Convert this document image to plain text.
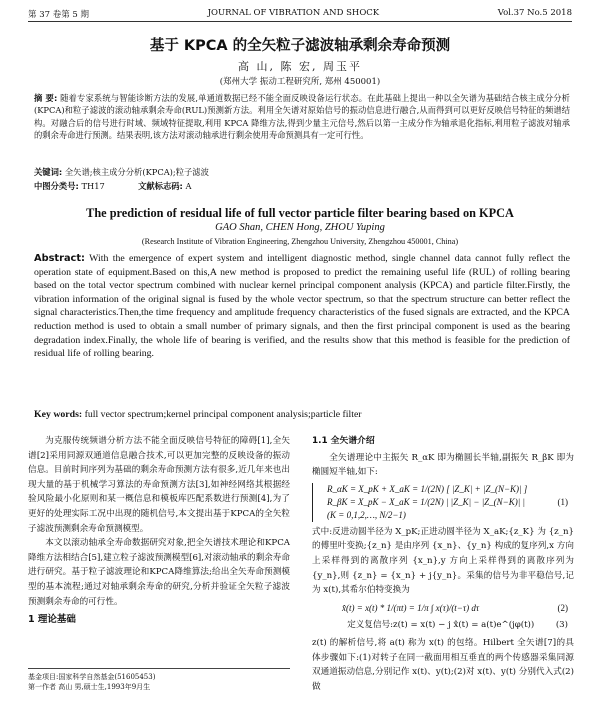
第 37 卷第 5 期	JOURNAL OF VIBRATION AND SHOCK	Vol.37 No.5 2018
基于 KPCA 的全矢粒子滤波轴承剩余寿命预测
高 山, 陈 宏, 周玉平
(郑州大学 振动工程研究所, 郑州 450001)
摘 要: 随着专家系统与智能诊断方法的发展,单通道数据已经不能全面反映设备运行状态。在此基础上提出一种以全矢谱为基础结合核主成分分析(KPCA)和粒子滤波的滚动轴承剩余寿命(RUL)预测新方法。利用全矢谱对原始信号的振动信息进行融合,从而得到可以更好反映信号特征的频谱结构。对融合后的信号进行时域、频域特征提取,利用 KPCA 降维方法,得到少量主元信号,然后以第一主成分作为轴承退化指标,利用粒子滤波对轴承的剩余寿命进行预测。结果表明,该方法对滚动轴承进行剩余使用寿命预测具有一定可行性。
关键词: 全矢谱;核主成分分析(KPCA);粒子滤波
中图分类号: TH17	文献标志码: A
The prediction of residual life of full vector particle filter bearing based on KPCA
GAO Shan, CHEN Hong, ZHOU Yuping
(Research Institute of Vibration Engineering, Zhengzhou University, Zhengzhou 450001, China)
Abstract: With the emergence of expert system and intelligent diagnostic method, single channel data cannot fully reflect the operation state of equipment.Based on this,A new method is proposed to predict the remaining useful life (RUL) of rolling bearing based on the total vector spectrum combined with nuclear kernel principal component analysis (KPCA) and particle filter.Firstly, the vibration information of the original signal is fused by the whole vector spectrum, so that the spectrum structure can better reflect the signal characteristics.Then,the time frequency and amplitude frequency characteristics of the fused signals are extracted, and the KPCA reduction method is used to obtain a small number of primary signals, and then the first principal component is used as the bearing degradation index.Finally, the whole life of bearing is verified, and the results show that this method is feasible for the prediction of residual life of rolling bearing.
Key words: full vector spectrum;kernel principal component analysis;particle filter

为克服传统频谱分析方法不能全面反映信号特征的障碍[1],全矢谱[2]采用同源双通道信息融合技术,可以更加完整的反映设备的振动信息。目前时间序列为基础的剩余寿命预测方法有很多,近几年来也出现大量的基于机械学习算法的寿命预测方法[3],如神经网络其根据经验风险最小化原则和某一概信息和模板库匹配系数进行预测[4],为了更好的处理实际工况中出现的随机信号,本文提出基于KPCA的全矢粒子滤波预测剩余寿命预测模型。

本文以滚动轴承全寿命数据研究对象,把全矢谱技术理论和KPCA降维方法相结合[5],建立粒子滤波预测模型[6],对滚动轴承的剩余寿命进行研究。基于粒子滤波理论和KPCA降维算法;给出全矢寿命预测模型的基本流程;通过对轴承剩余寿命的研究,分析并验证全矢粒子滤波预测剩余寿命的可行性。

1 理论基础

1.1 全矢谱介绍

全矢谱理论中主振矢 R_αK 即为椭圆长半轴,副振矢 R_βK 即为椭圆短半轴,如下:

R_αK = X_pK + X_aK = 1/(2N) [ |Z_K| + |Z_(N−K)| ]
R_βK = X_pK − X_aK = 1/(2N) | |Z_K| − |Z_(N−K)| |
(K = 0,1,2,…, N/2−1)
(1)

式中:反进动圆半径为 X_pK;正进动圆半径为 X_aK;{z_K} 为 {z_n} 的傅里叶变换;{z_n} 是由序列 {x_n}、{y_n} 构成的复序列,x 方向上采样得到的离散序列 {x_n},y 方向上采样得到的离散序列为 {y_n},则 {z_n} = {x_n} + j{y_n}。采集的信号为非平稳信号,记为 x(t),其希尔伯特变换为

x̂(t) = x(t) * 1/(πt) = 1/π ∫ x(τ)/(t−τ) dτ	(2)
定义复信号:z(t) = x(t) − j x̂(t) = a(t)e^(jφ(t))	(3)

z(t) 的解析信号,将 a(t) 称为 x(t) 的包络。Hilbert 全矢谱[7]的具体步骤如下:(1)对转子在同一截面用相互垂直的两个传感器采集同源双通道振动信息,分别记作 x(t)、y(t);(2)对 x(t)、y(t) 分别代入式(2)做

基金项目:国家科学自然基金(51605453)
第一作者 高山 男,硕士生,1993年9月生
